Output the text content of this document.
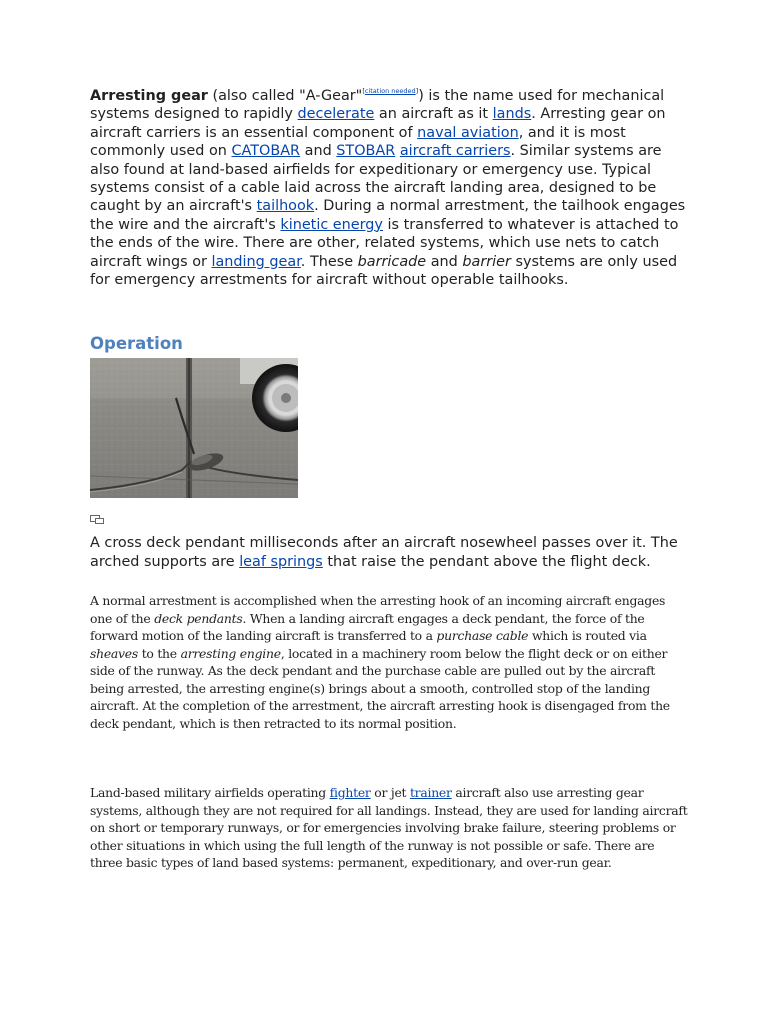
Arresting gear (also called "A-Gear"[citation needed]) is the name used for mechanical systems designed to rapidly decelerate an aircraft as it lands. Arresting gear on aircraft carriers is an essential component of naval aviation, and it is most commonly used on CATOBAR and STOBAR aircraft carriers. Similar systems are also found at land-based airfields for expeditionary or emergency use. Typical systems consist of a cable laid across the aircraft landing area, designed to be caught by an aircraft's tailhook. During a normal arrestment, the tailhook engages the wire and the aircraft's kinetic energy is transferred to whatever is attached to the ends of the wire. There are other, related systems, which use nets to catch aircraft wings or landing gear. These barricade and barrier systems are only used for emergency arrestments for aircraft without operable tailhooks.

Operation

A cross deck pendant milliseconds after an aircraft nosewheel passes over it. The arched supports are leaf springs that raise the pendant above the flight deck.

A normal arrestment is accomplished when the arresting hook of an incoming aircraft engages one of the deck pendants. When a landing aircraft engages a deck pendant, the force of the forward motion of the landing aircraft is transferred to a purchase cable which is routed via sheaves to the arresting engine, located in a machinery room below the flight deck or on either side of the runway. As the deck pendant and the purchase cable are pulled out by the aircraft being arrested, the arresting engine(s) brings about a smooth, controlled stop of the landing aircraft. At the completion of the arrestment, the aircraft arresting hook is disengaged from the deck pendant, which is then retracted to its normal position.

Land-based military airfields operating fighter or jet trainer aircraft also use arresting gear systems, although they are not required for all landings. Instead, they are used for landing aircraft on short or temporary runways, or for emergencies involving brake failure, steering problems or other situations in which using the full length of the runway is not possible or safe. There are three basic types of land based systems: permanent, expeditionary, and over-run gear.
